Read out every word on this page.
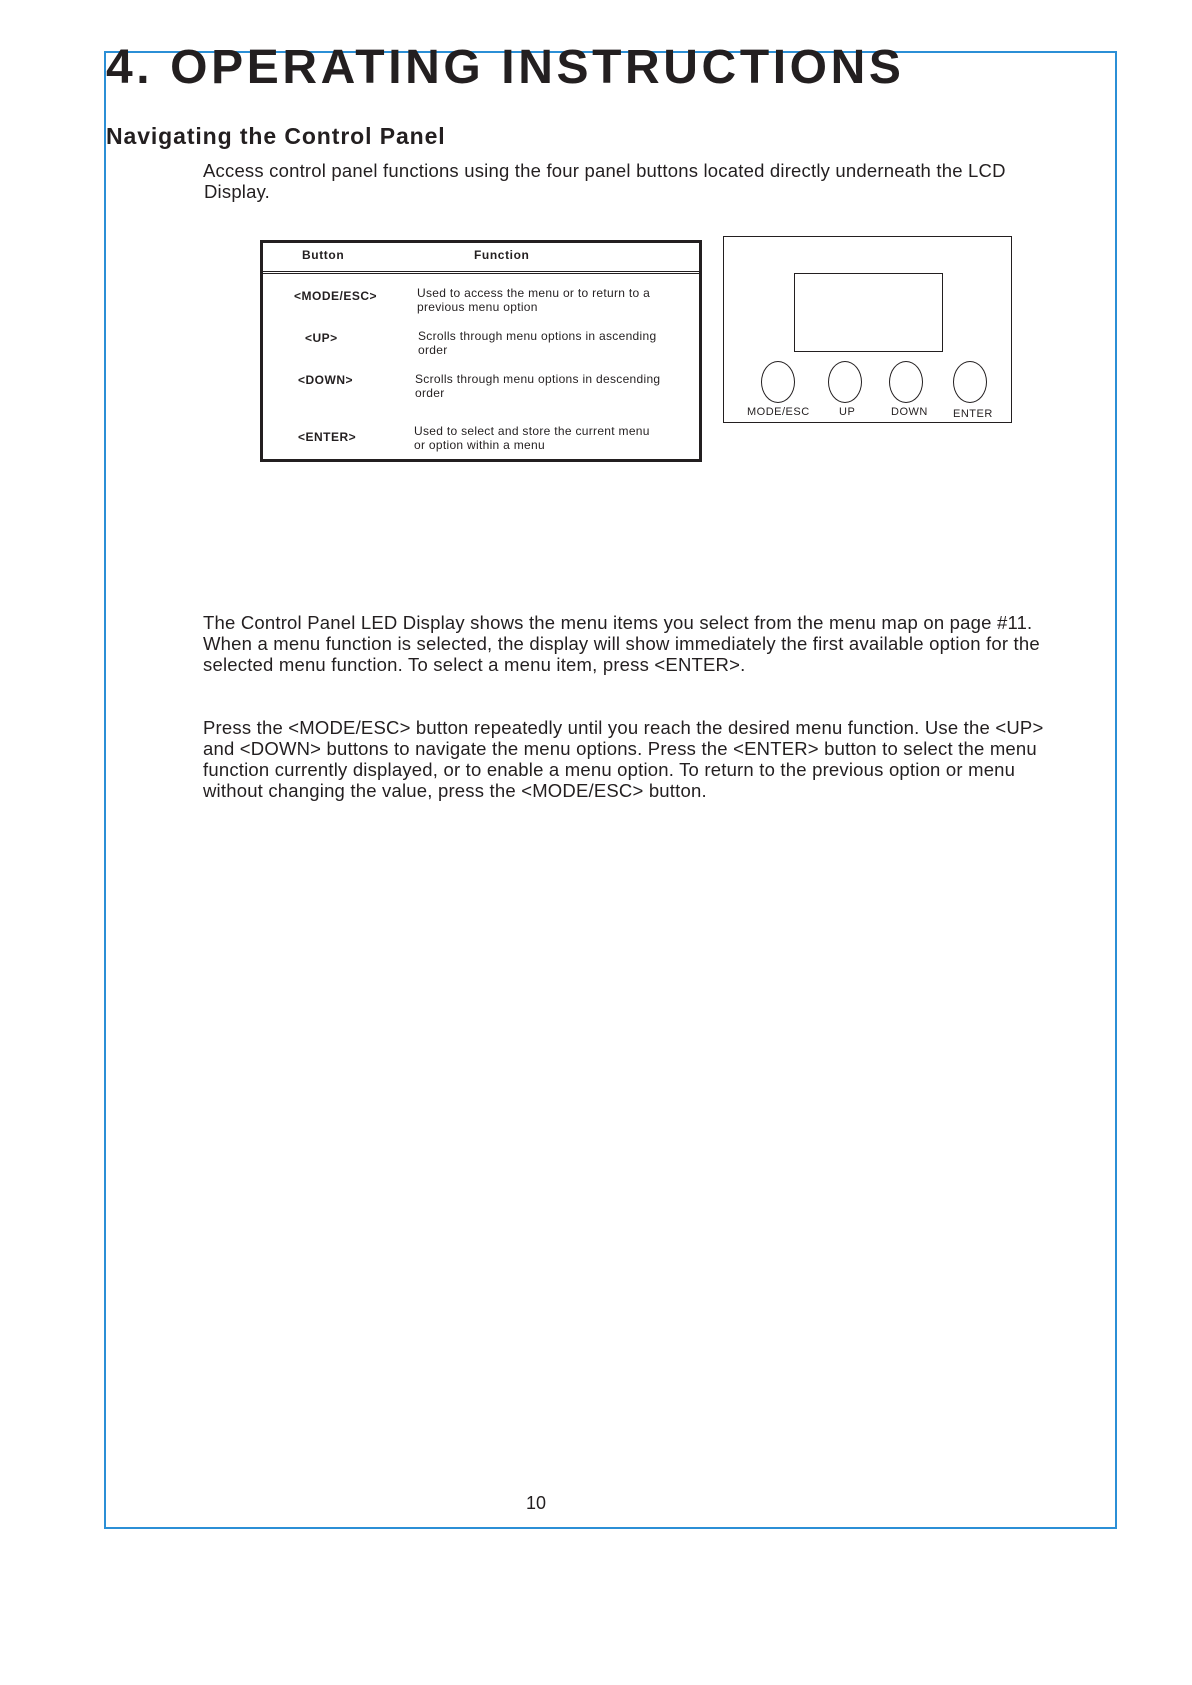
4. OPERATING INSTRUCTIONS
Navigating the Control Panel

Access control panel functions using the four panel buttons located directly underneath the LCD
Display.

Button	Function
<MODE/ESC>	Used to access the menu or to return to a
previous menu option
<UP>	Scrolls through menu options in ascending
order
<DOWN>	Scrolls through menu options in descending
order
<ENTER>	Used to select and store the current menu
or option within a menu
MODE/ESC	UP	DOWN ENTER

The Control Panel LED Display shows the menu items you select from the menu map on page #11.
When a menu function is selected, the display will show immediately the first available option for the
selected menu function. To select a menu item, press <ENTER>.

Press the <MODE/ESC> button repeatedly until you reach the desired menu function. Use the <UP>
and <DOWN> buttons to navigate the menu options. Press the <ENTER> button to select the menu
function currently displayed, or to enable a menu option. To return to the previous option or menu
without changing the value, press the <MODE/ESC> button.

10
